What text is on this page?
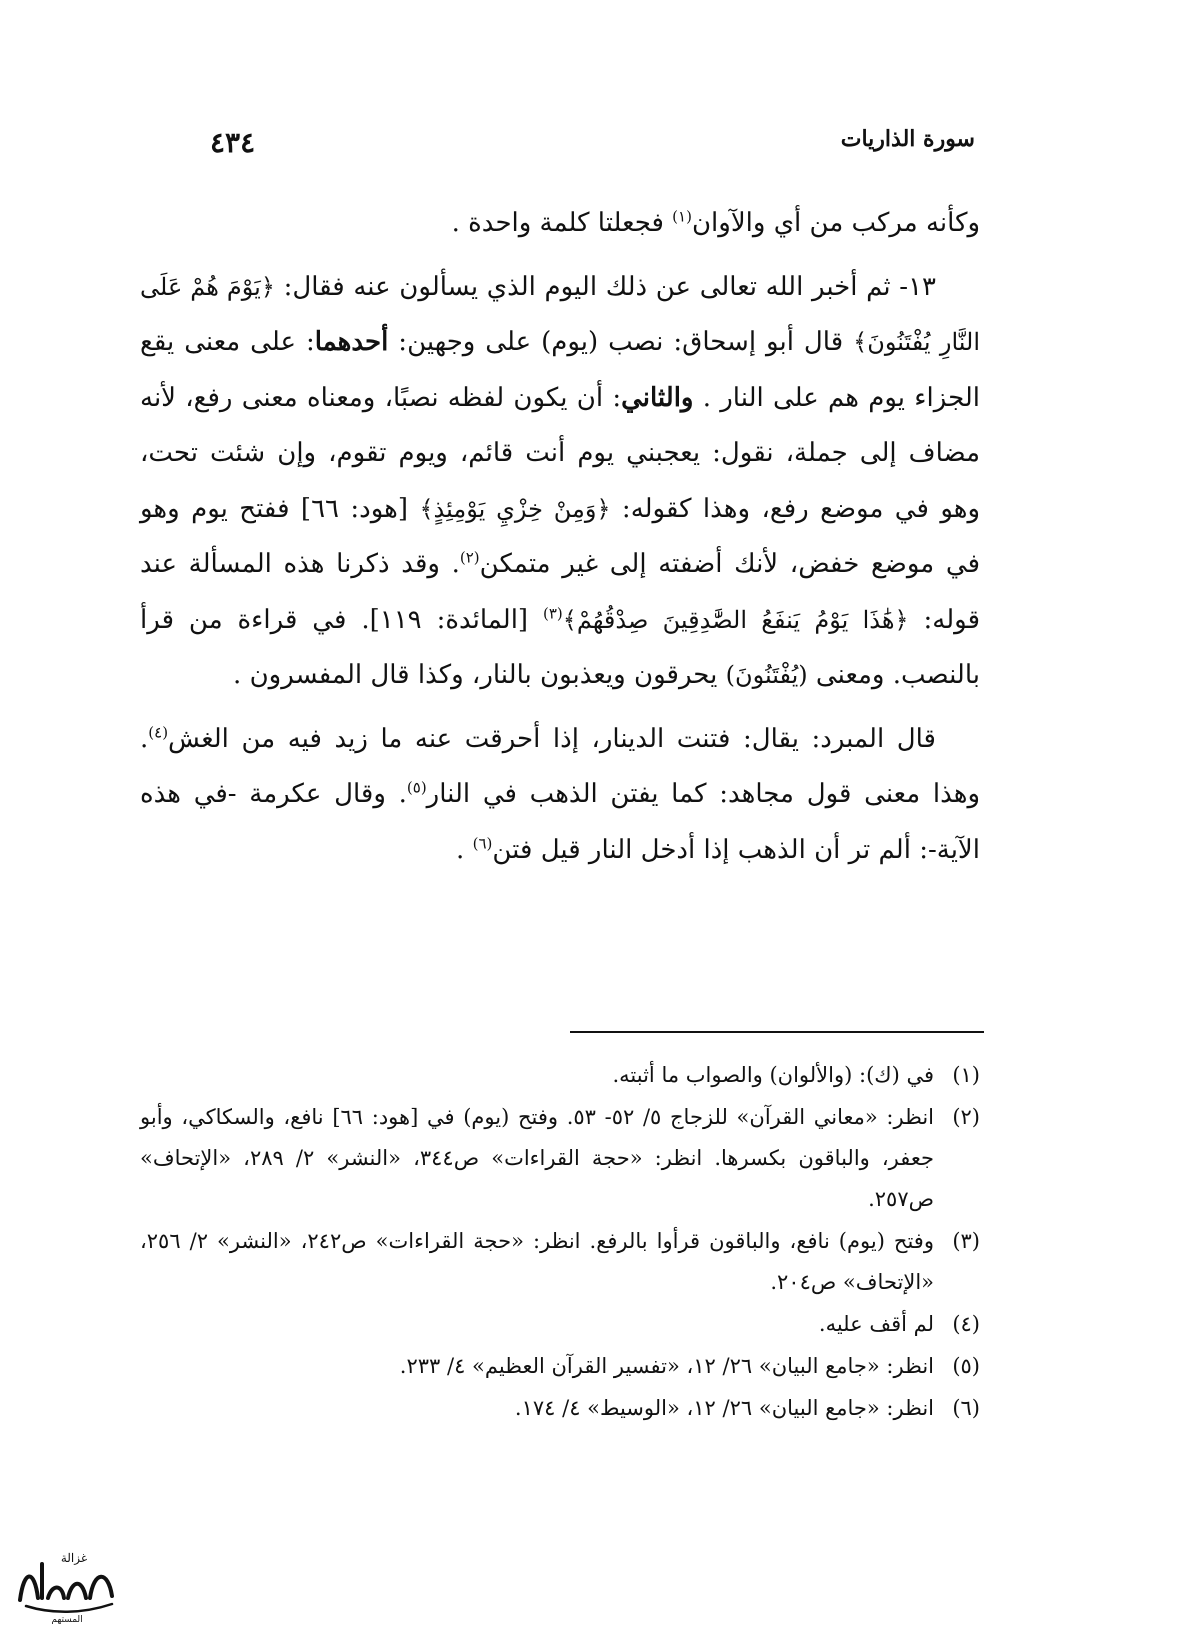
سورة الذاريات
٤٣٤

وكأنه مركب من أي والآوان$^{(١)}$ فجعلتا كلمة واحدة .

١٣- ثم أخبر الله تعالى عن ذلك اليوم الذي يسألون عنه فقال: ﴿يَوْمَ هُمْ عَلَى النَّارِ يُفْتَنُونَ﴾ قال أبو إسحاق: نصب (يوم) على وجهين: أحدهما: على معنى يقع الجزاء يوم هم على النار . والثاني: أن يكون لفظه نصبًا، ومعناه معنى رفع، لأنه مضاف إلى جملة، نقول: يعجبني يوم أنت قائم، ويوم تقوم، وإن شئت تحت، وهو في موضع رفع، وهذا كقوله: ﴿وَمِنْ خِزْيِ يَوْمِئِذٍ﴾ [هود: ٦٦] ففتح يوم وهو في موضع خفض، لأنك أضفته إلى غير متمكن$^{(٢)}$. وقد ذكرنا هذه المسألة عند قوله: ﴿هَٰذَا يَوْمُ يَنفَعُ الصَّٰدِقِينَ صِدْقُهُمْ﴾$^{(٣)}$ [المائدة: ١١٩]. في قراءة من قرأ بالنصب. ومعنى (يُفْتَنُونَ) يحرقون ويعذبون بالنار، وكذا قال المفسرون .

قال المبرد: يقال: فتنت الدينار، إذا أحرقت عنه ما زيد فيه من الغش$^{(٤)}$. وهذا معنى قول مجاهد: كما يفتن الذهب في النار$^{(٥)}$. وقال عكرمة -في هذه الآية-: ألم تر أن الذهب إذا أدخل النار قيل فتن$^{(٦)}$ .

(١)
في (ك): (والألوان) والصواب ما أثبته.
(٢)
انظر: «معاني القرآن» للزجاج ٥/ ٥٢- ٥٣. وفتح (يوم) في [هود: ٦٦] نافع، والسكاكي، وأبو جعفر، والباقون بكسرها. انظر: «حجة القراءات» ص٣٤٤، «النشر» ٢/ ٢٨٩، «الإتحاف» ص٢٥٧.
(٣)
وفتح (يوم) نافع، والباقون قرأوا بالرفع. انظر: «حجة القراءات» ص٢٤٢، «النشر» ٢/ ٢٥٦، «الإتحاف» ص٢٠٤.
(٤)
لم أقف عليه.
(٥)
انظر: «جامع البيان» ٢٦/ ١٢، «تفسير القرآن العظيم» ٤/ ٢٣٣.
(٦)
انظر: «جامع البيان» ٢٦/ ١٢، «الوسيط» ٤/ ١٧٤.
غزالة
المستهم
